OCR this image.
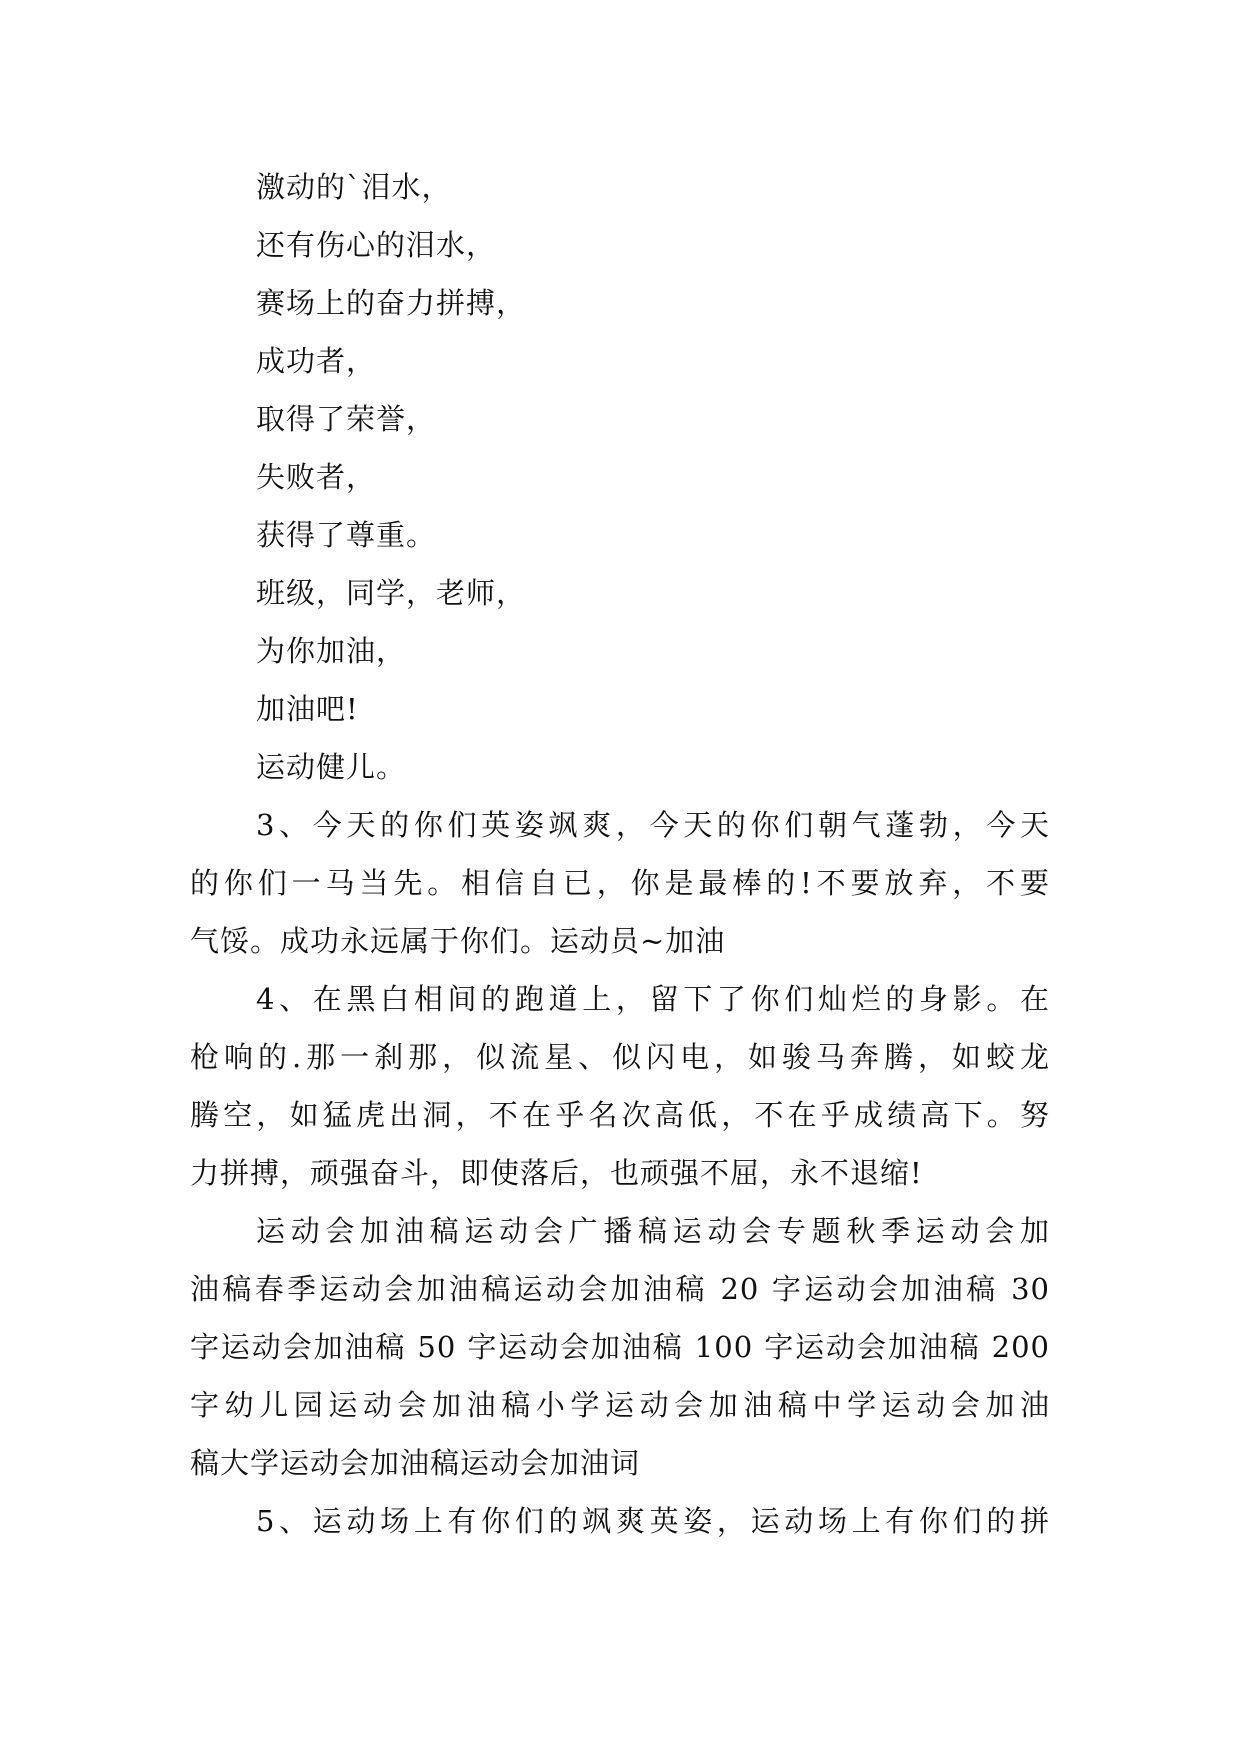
激动的`泪水，
还有伤心的泪水，
赛场上的奋力拼搏，
成功者，
取得了荣誉，
失败者，
获得了尊重。
班级，同学，老师，
为你加油，
加油吧!
运动健儿。
3、今天的你们英姿飒爽，今天的你们朝气蓬勃，今天
的你们一马当先。相信自已，你是最棒的!不要放弃，不要
气馁。成功永远属于你们。运动员~加油
4、在黑白相间的跑道上，留下了你们灿烂的身影。在
枪响的.那一刹那，似流星、似闪电，如骏马奔腾，如蛟龙
腾空，如猛虎出洞，不在乎名次高低，不在乎成绩高下。努
力拼搏，顽强奋斗，即使落后，也顽强不屈，永不退缩!
运动会加油稿运动会广播稿运动会专题秋季运动会加
油稿春季运动会加油稿运动会加油稿 20 字运动会加油稿 30
字运动会加油稿 50 字运动会加油稿 100 字运动会加油稿 200
字幼儿园运动会加油稿小学运动会加油稿中学运动会加油
稿大学运动会加油稿运动会加油词
5、运动场上有你们的飒爽英姿，运动场上有你们的拼
